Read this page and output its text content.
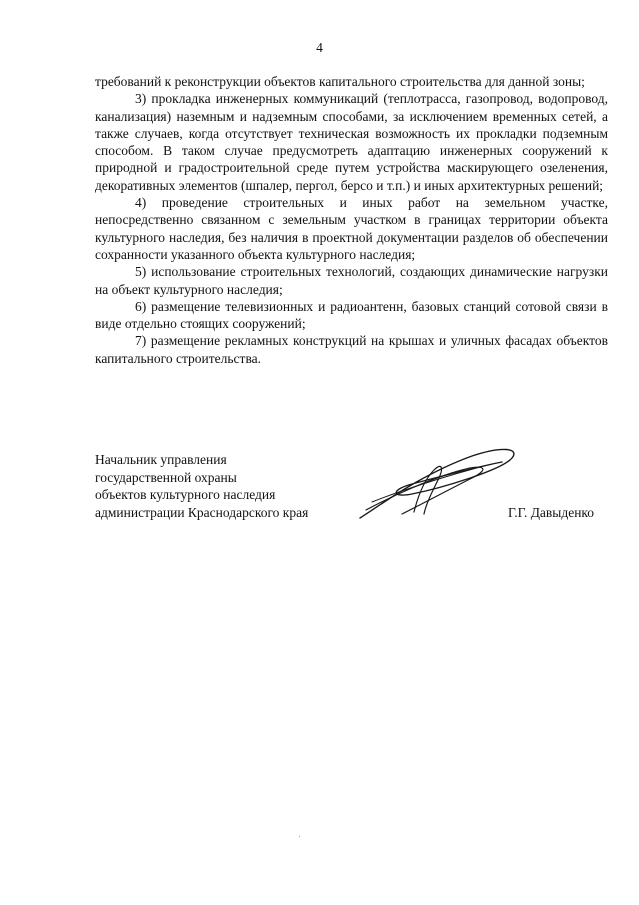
4

требований к реконструкции объектов капитального строительства для данной зоны;

3) прокладка инженерных коммуникаций (теплотрасса, газопровод, водопровод, канализация) наземным и надземным способами, за исключением временных сетей, а также случаев, когда отсутствует техническая возможность их прокладки подземным способом. В таком случае предусмотреть адаптацию инженерных сооружений к природной и градостроительной среде путем устройства маскирующего озеленения, декоративных элементов (шпалер, пергол, берсо и т.п.) и иных архитектурных решений;

4) проведение строительных и иных работ на земельном участке, непосредственно связанном с земельным участком в границах территории объекта культурного наследия, без наличия в проектной документации разделов об обеспечении сохранности указанного объекта культурного наследия;

5) использование строительных технологий, создающих динамические нагрузки на объект культурного наследия;

6) размещение телевизионных и радиоантенн, базовых станций сотовой связи в виде отдельно стоящих сооружений;

7) размещение рекламных конструкций на крышах и уличных фасадах объектов капитального строительства.

Начальник управления
государственной охраны
объектов культурного наследия
администрации Краснодарского края	Г.Г. Давыденко
